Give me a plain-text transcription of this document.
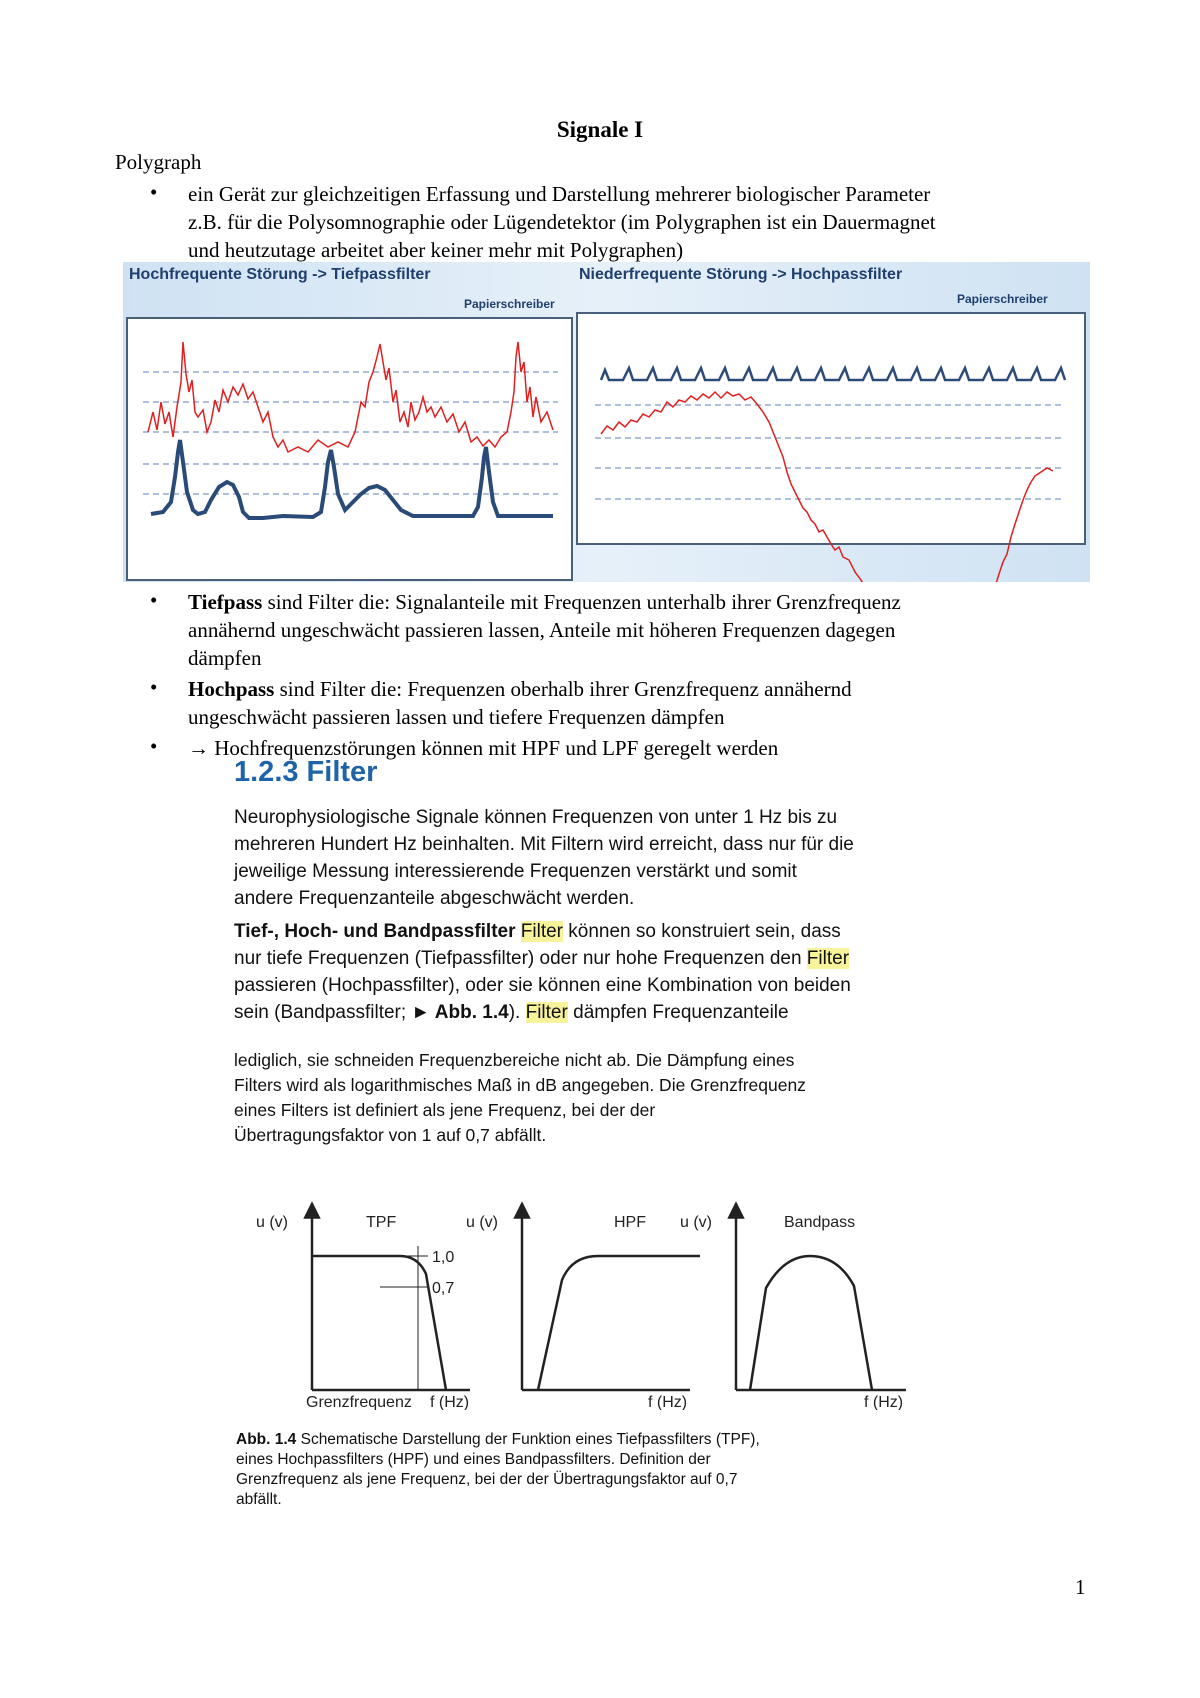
Signale I
Polygraph
• ein Gerät zur gleichzeitigen Erfassung und Darstellung mehrerer biologischer Parameter
z.B. für die Polysomnographie oder Lügendetektor (im Polygraphen ist ein Dauermagnet
und heutzutage arbeitet aber keiner mehr mit Polygraphen)
Hochfrequente Störung -> Tiefpassfilter	Niederfrequente Störung -> Hochpassfilter
Papierschreiber	Papierschreiber
• Tiefpass sind Filter die: Signalanteile mit Frequenzen unterhalb ihrer Grenzfrequenz
annähernd ungeschwächt passieren lassen, Anteile mit höheren Frequenzen dagegen
dämpfen
• Hochpass sind Filter die: Frequenzen oberhalb ihrer Grenzfrequenz annähernd
ungeschwächt passieren lassen und tiefere Frequenzen dämpfen
• → Hochfrequenzstörungen können mit HPF und LPF geregelt werden
1.2.3 Filter
Neurophysiologische Signale können Frequenzen von unter 1 Hz bis zu
mehreren Hundert Hz beinhalten. Mit Filtern wird erreicht, dass nur für die
jeweilige Messung interessierende Frequenzen verstärkt und somit
andere Frequenzanteile abgeschwächt werden.
Tief-, Hoch- und Bandpassfilter Filter können so konstruiert sein, dass
nur tiefe Frequenzen (Tiefpassfilter) oder nur hohe Frequenzen den Filter
passieren (Hochpassfilter), oder sie können eine Kombination von beiden
sein (Bandpassfilter; ► Abb. 1.4). Filter dämpfen Frequenzanteile
lediglich, sie schneiden Frequenzbereiche nicht ab. Die Dämpfung eines
Filters wird als logarithmisches Maß in dB angegeben. Die Grenzfrequenz
eines Filters ist definiert als jene Frequenz, bei der der
Übertragungsfaktor von 1 auf 0,7 abfällt.
u (v)	TPF
1,0
0,7
Grenzfrequenz f (Hz)
u (v)	HPF
f (Hz)
u (v)	Bandpass
f (Hz)
Abb. 1.4 Schematische Darstellung der Funktion eines Tiefpassfilters (TPF),
eines Hochpassfilters (HPF) und eines Bandpassfilters. Definition der
Grenzfrequenz als jene Frequenz, bei der der Übertragungsfaktor auf 0,7
abfällt.
1
